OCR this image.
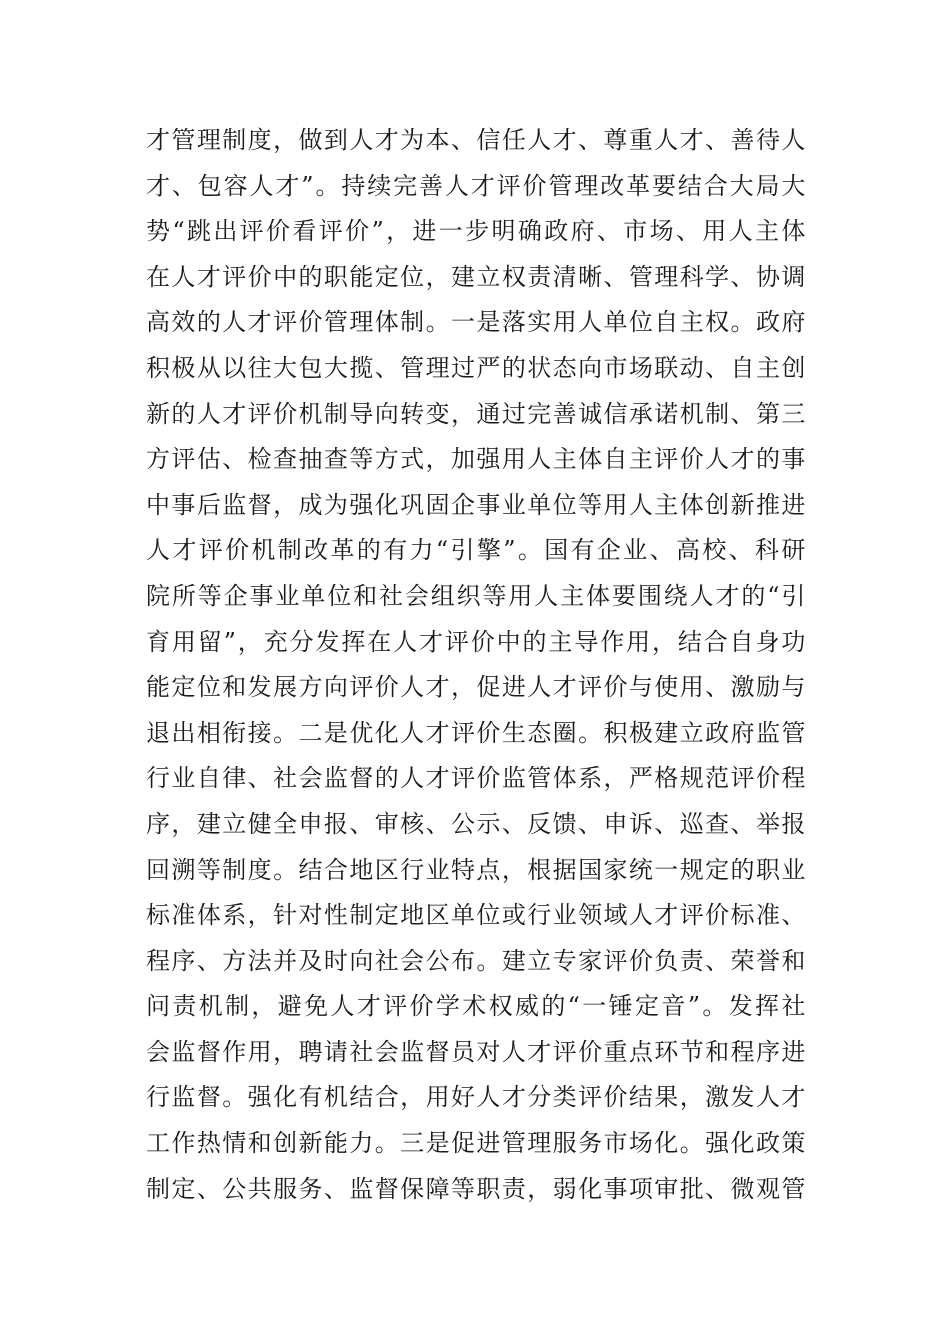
才管理制度，做到人才为本、信任人才、尊重人才、善待人
才、包容人才”。持续完善人才评价管理改革要结合大局大
势“跳出评价看评价”，进一步明确政府、市场、用人主体
在人才评价中的职能定位，建立权责清晰、管理科学、协调
高效的人才评价管理体制。一是落实用人单位自主权。政府
积极从以往大包大揽、管理过严的状态向市场联动、自主创
新的人才评价机制导向转变，通过完善诚信承诺机制、第三
方评估、检查抽查等方式，加强用人主体自主评价人才的事
中事后监督，成为强化巩固企事业单位等用人主体创新推进
人才评价机制改革的有力“引擎”。国有企业、高校、科研
院所等企事业单位和社会组织等用人主体要围绕人才的“引
育用留”，充分发挥在人才评价中的主导作用，结合自身功
能定位和发展方向评价人才，促进人才评价与使用、激励与
退出相衔接。二是优化人才评价生态圈。积极建立政府监管
行业自律、社会监督的人才评价监管体系，严格规范评价程
序，建立健全申报、审核、公示、反馈、申诉、巡查、举报
回溯等制度。结合地区行业特点，根据国家统一规定的职业
标准体系，针对性制定地区单位或行业领域人才评价标准、
程序、方法并及时向社会公布。建立专家评价负责、荣誉和
问责机制，避免人才评价学术权威的“一锤定音”。发挥社
会监督作用，聘请社会监督员对人才评价重点环节和程序进
行监督。强化有机结合，用好人才分类评价结果，激发人才
工作热情和创新能力。三是促进管理服务市场化。强化政策
制定、公共服务、监督保障等职责，弱化事项审批、微观管
